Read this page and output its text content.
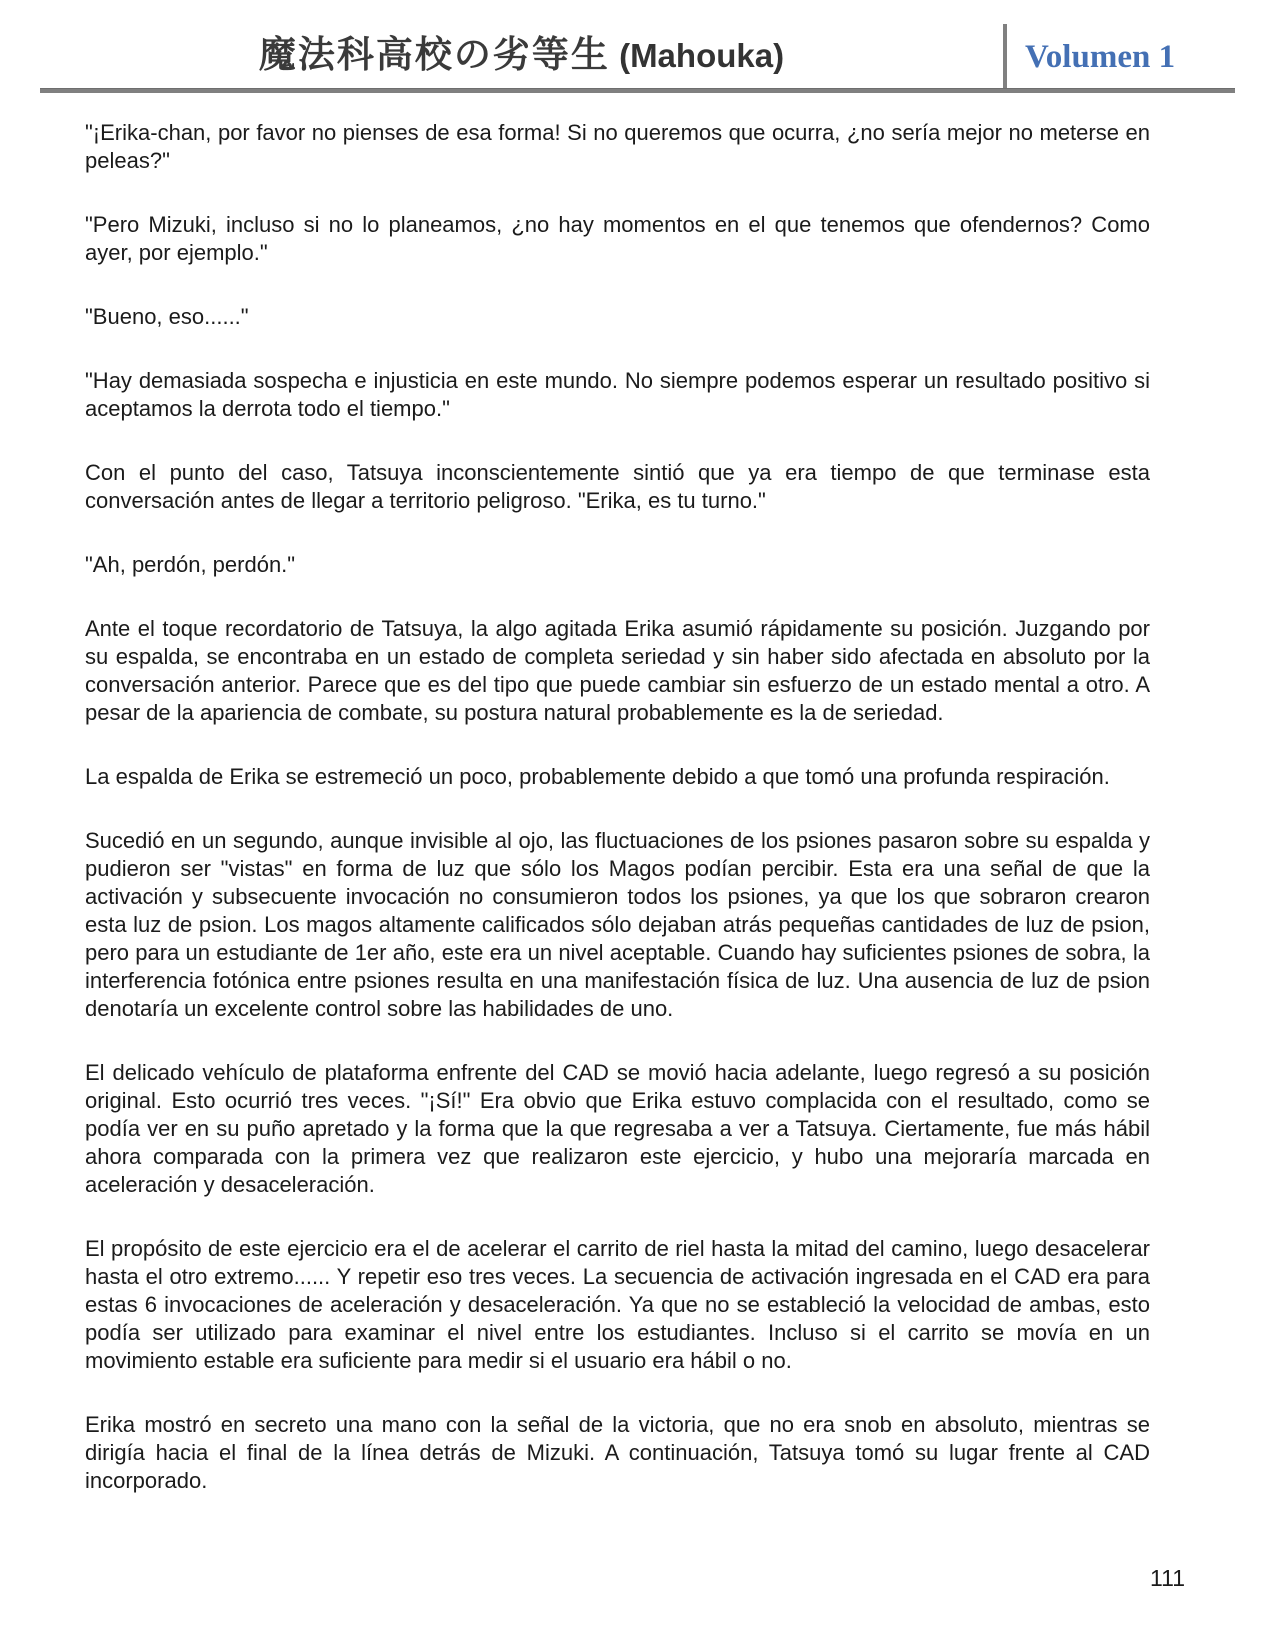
魔法科高校の劣等生 (Mahouka)	Volumen 1

"¡Erika-chan, por favor no pienses de esa forma! Si no queremos que ocurra, ¿no sería mejor no meterse en peleas?"

"Pero Mizuki, incluso si no lo planeamos, ¿no hay momentos en el que tenemos que ofendernos? Como ayer, por ejemplo."

"Bueno, eso......"

"Hay demasiada sospecha e injusticia en este mundo. No siempre podemos esperar un resultado positivo si aceptamos la derrota todo el tiempo."

Con el punto del caso, Tatsuya inconscientemente sintió que ya era tiempo de que terminase esta conversación antes de llegar a territorio peligroso. "Erika, es tu turno."

"Ah, perdón, perdón."

Ante el toque recordatorio de Tatsuya, la algo agitada Erika asumió rápidamente su posición. Juzgando por su espalda, se encontraba en un estado de completa seriedad y sin haber sido afectada en absoluto por la conversación anterior. Parece que es del tipo que puede cambiar sin esfuerzo de un estado mental a otro. A pesar de la apariencia de combate, su postura natural probablemente es la de seriedad.

La espalda de Erika se estremeció un poco, probablemente debido a que tomó una profunda respiración.

Sucedió en un segundo, aunque invisible al ojo, las fluctuaciones de los psiones pasaron sobre su espalda y pudieron ser "vistas" en forma de luz que sólo los Magos podían percibir. Esta era una señal de que la activación y subsecuente invocación no consumieron todos los psiones, ya que los que sobraron crearon esta luz de psion. Los magos altamente calificados sólo dejaban atrás pequeñas cantidades de luz de psion, pero para un estudiante de 1er año, este era un nivel aceptable. Cuando hay suficientes psiones de sobra, la interferencia fotónica entre psiones resulta en una manifestación física de luz. Una ausencia de luz de psion denotaría un excelente control sobre las habilidades de uno.

El delicado vehículo de plataforma enfrente del CAD se movió hacia adelante, luego regresó a su posición original. Esto ocurrió tres veces. "¡Sí!" Era obvio que Erika estuvo complacida con el resultado, como se podía ver en su puño apretado y la forma que la que regresaba a ver a Tatsuya. Ciertamente, fue más hábil ahora comparada con la primera vez que realizaron este ejercicio, y hubo una mejoraría marcada en aceleración y desaceleración.

El propósito de este ejercicio era el de acelerar el carrito de riel hasta la mitad del camino, luego desacelerar hasta el otro extremo...... Y repetir eso tres veces. La secuencia de activación ingresada en el CAD era para estas 6 invocaciones de aceleración y desaceleración. Ya que no se estableció la velocidad de ambas, esto podía ser utilizado para examinar el nivel entre los estudiantes. Incluso si el carrito se movía en un movimiento estable era suficiente para medir si el usuario era hábil o no.

Erika mostró en secreto una mano con la señal de la victoria, que no era snob en absoluto, mientras se dirigía hacia el final de la línea detrás de Mizuki. A continuación, Tatsuya tomó su lugar frente al CAD incorporado.

111
